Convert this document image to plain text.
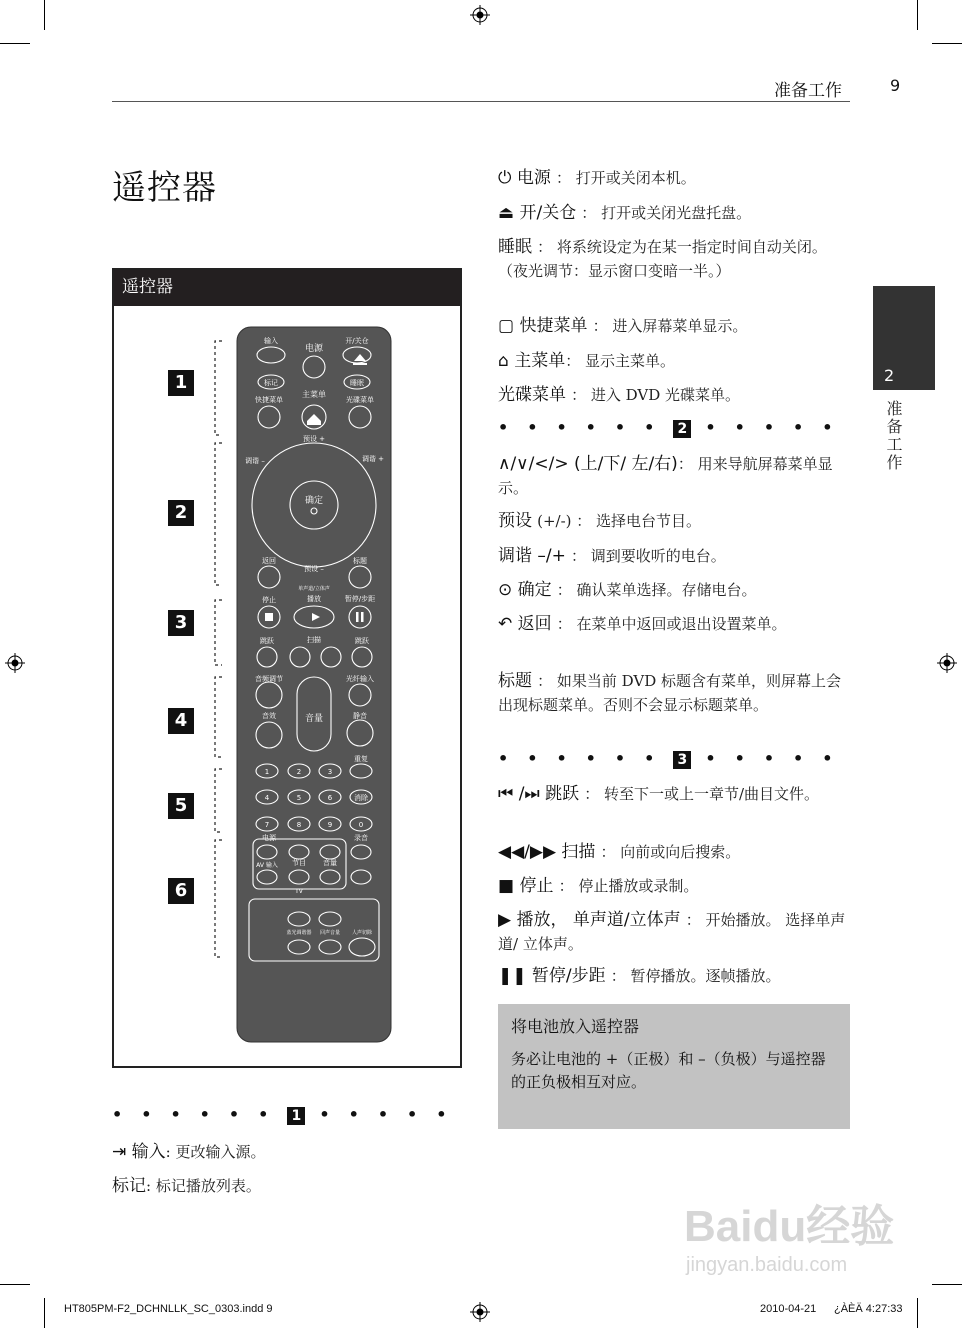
准备工作	9
2
准备工作
遥控器
遥控器
1
2
3
4
5
6
输入
电源
开/关仓
标记	睡眠
快捷菜单
主菜单
光碟菜单
预设 +
调谐 –	调谐 +
确定
预设 –
返回	标题
单声道/立体声
停止	播放	暂停/步距
跳跃	扫描	跳跃
音频调节	光纤输入
音量
音效	静音
重复
消除
1	2	3
4	5	6
7	8	9	0
电源	录音
AV 输入 节目 音量
TV
蓝光调谐器 回声音量 人声切除
⏻ 电源 ： 打开或关闭本机。
⏏ 开/关仓 ： 打开或关闭光盘托盘。
睡眠 ： 将系统设定为在某一指定时间自动关闭。
（夜光调节：显示窗口变暗一半。）
▢ 快捷菜单 ： 进入屏幕菜单显示。
⌂ 主菜单： 显示主菜单。
光碟菜单 ： 进入 DVD 光碟菜单。
•••••• 2 •••••
∧/∨/</> (上/下/ 左/右)： 用来导航屏幕菜单显示。
预设 (+/-) ： 选择电台节目。
调谐 –/+ ： 调到要收听的电台。
⊙ 确定 ： 确认菜单选择。存储电台。
↶ 返回 ： 在菜单中返回或退出设置菜单。
标题 ： 如果当前 DVD 标题含有菜单，则屏幕上会出现标题菜单。否则不会显示标题菜单。
•••••• 3 •••••
⏮ /⏭ 跳跃 ： 转至下一或上一章节/曲目文件。
◀◀/▶▶ 扫描 ： 向前或向后搜索。
■ 停止 ： 停止播放或录制。
▶ 播放， 单声道/立体声 ： 开始播放。 选择单声道/ 立体声。
❚❚ 暂停/步距 ： 暂停播放。逐帧播放。
将电池放入遥控器
务必让电池的 +（正极）和 –（负极）与遥控器的正负极相互对应。
•••••• 1 •••••
⇥ 输入: 更改输入源。
标记: 标记播放列表。
Baidu经验
jingyan.baidu.com
HT805PM-F2_DCHNLLK_SC_0303.indd 9	2010-04-21 ¿ÀÈÄ 4:27:33
